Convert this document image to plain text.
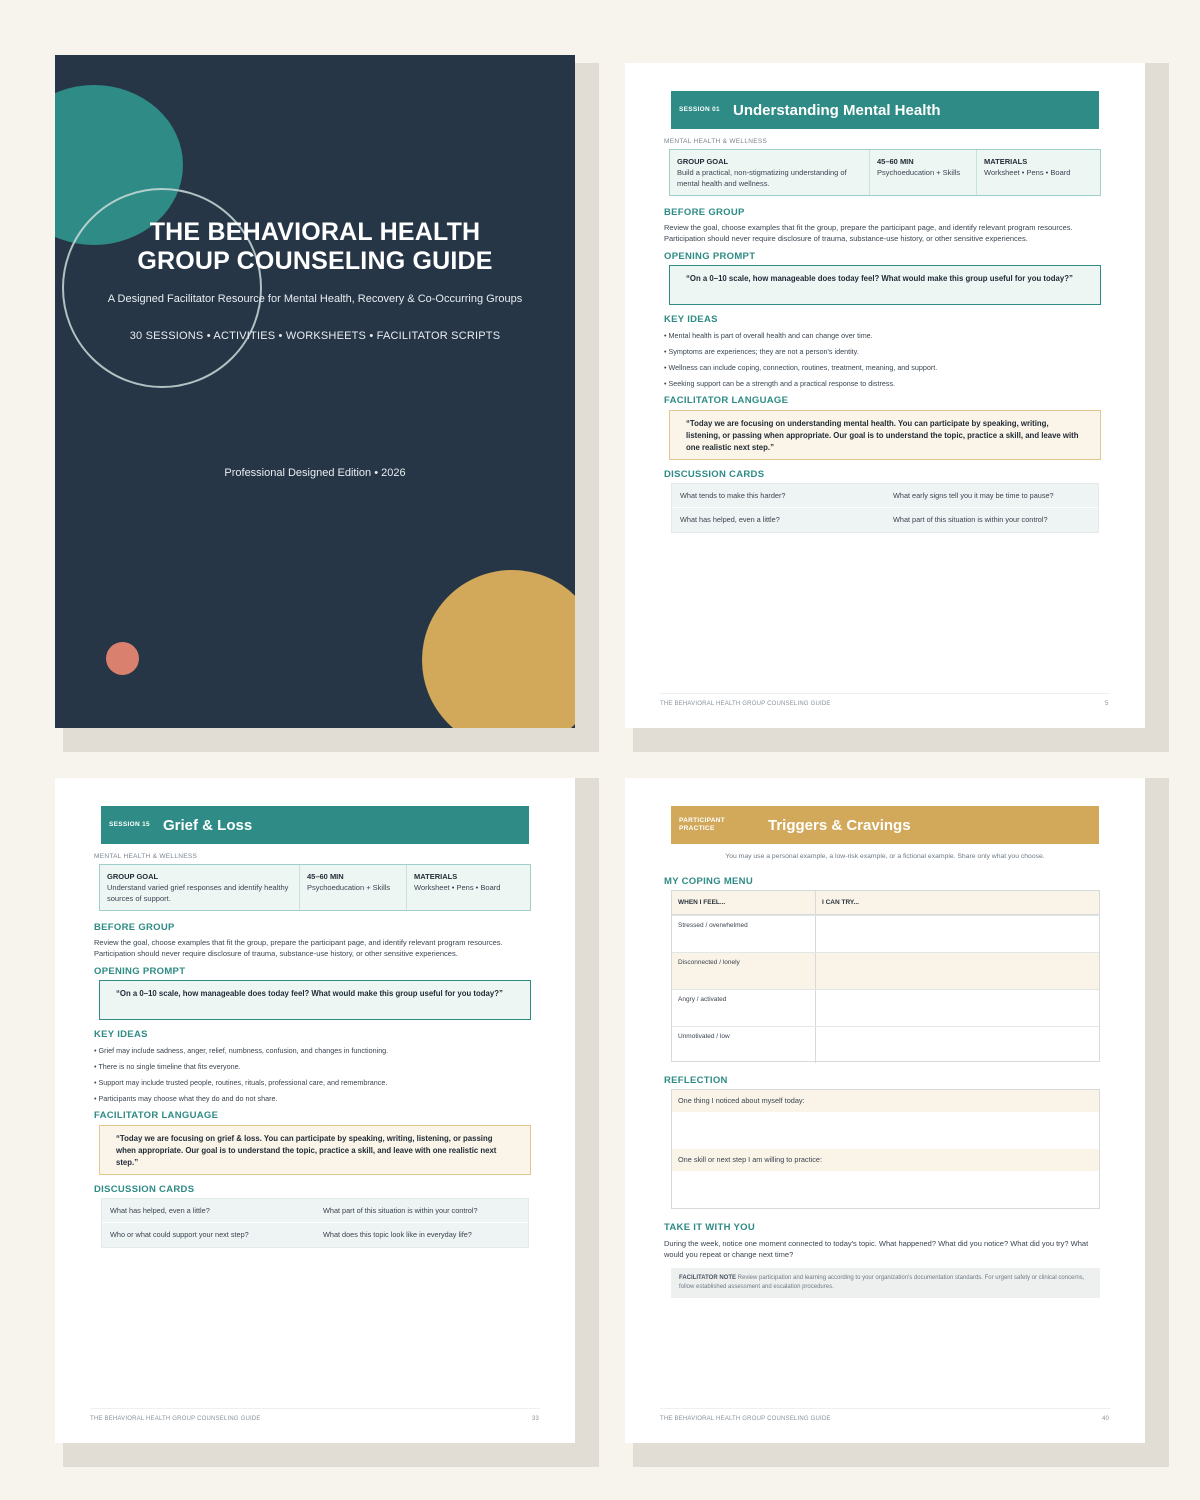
THE BEHAVIORAL HEALTH
GROUP COUNSELING GUIDE
A Designed Facilitator Resource for Mental Health, Recovery & Co-Occurring Groups
30 SESSIONS • ACTIVITIES • WORKSHEETS • FACILITATOR SCRIPTS
Professional Designed Edition • 2026
SESSION 01 Understanding Mental Health
MENTAL HEALTH & WELLNESS
GROUP GOAL
Build a practical, non-stigmatizing understanding of mental health and wellness.
45–60 MIN
Psychoeducation + Skills
MATERIALS
Worksheet • Pens • Board
BEFORE GROUP
Review the goal, choose examples that fit the group, prepare the participant page, and identify relevant program resources.
Participation should never require disclosure of trauma, substance-use history, or other sensitive experiences.
OPENING PROMPT
“On a 0–10 scale, how manageable does today feel? What would make this group useful for you today?”
KEY IDEAS
• Mental health is part of overall health and can change over time.
• Symptoms are experiences; they are not a person's identity.
• Wellness can include coping, connection, routines, treatment, meaning, and support.
• Seeking support can be a strength and a practical response to distress.
FACILITATOR LANGUAGE
“Today we are focusing on understanding mental health. You can participate by speaking, writing, listening, or passing when appropriate. Our goal is to understand the topic, practice a skill, and leave with one realistic next step.”
DISCUSSION CARDS
What tends to make this harder?	What early signs tell you it may be time to pause?
What has helped, even a little?	What part of this situation is within your control?
THE BEHAVIORAL HEALTH GROUP COUNSELING GUIDE	5
SESSION 15 Grief & Loss
MENTAL HEALTH & WELLNESS
GROUP GOAL
Understand varied grief responses and identify healthy sources of support.
45–60 MIN
Psychoeducation + Skills
MATERIALS
Worksheet • Pens • Board
BEFORE GROUP
Review the goal, choose examples that fit the group, prepare the participant page, and identify relevant program resources.
Participation should never require disclosure of trauma, substance-use history, or other sensitive experiences.
OPENING PROMPT
“On a 0–10 scale, how manageable does today feel? What would make this group useful for you today?”
KEY IDEAS
• Grief may include sadness, anger, relief, numbness, confusion, and changes in functioning.
• There is no single timeline that fits everyone.
• Support may include trusted people, routines, rituals, professional care, and remembrance.
• Participants may choose what they do and do not share.
FACILITATOR LANGUAGE
“Today we are focusing on grief & loss. You can participate by speaking, writing, listening, or passing when appropriate. Our goal is to understand the topic, practice a skill, and leave with one realistic next step.”
DISCUSSION CARDS
What has helped, even a little?	What part of this situation is within your control?
Who or what could support your next step?	What does this topic look like in everyday life?
THE BEHAVIORAL HEALTH GROUP COUNSELING GUIDE	33
PARTICIPANT
PRACTICE	Triggers & Cravings
You may use a personal example, a low-risk example, or a fictional example. Share only what you choose.
MY COPING MENU
WHEN I FEEL...	I CAN TRY...
Stressed / overwhelmed
Disconnected / lonely
Angry / activated
Unmotivated / low
REFLECTION
One thing I noticed about myself today:
One skill or next step I am willing to practice:
TAKE IT WITH YOU
During the week, notice one moment connected to today's topic. What happened? What did you notice? What did you try? What would you repeat or change next time?
FACILITATOR NOTE Review participation and learning according to your organization's documentation standards. For urgent safety or clinical concerns, follow established assessment and escalation procedures.
THE BEHAVIORAL HEALTH GROUP COUNSELING GUIDE	40
